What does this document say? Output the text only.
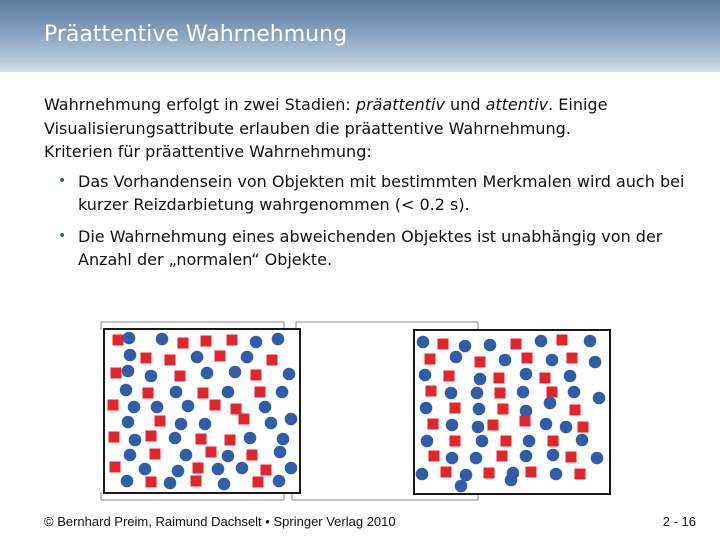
Präattentive Wahrnehmung

Wahrnehmung erfolgt in zwei Stadien: präattentiv und attentiv. Einige Visualisierungsattribute erlauben die präattentive Wahrnehmung.

Kriterien für präattentive Wahrnehmung:

• Das Vorhandensein von Objekten mit bestimmten Merkmalen wird auch bei kurzer Reizdarbietung wahrgenommen (< 0.2 s).
• Die Wahrnehmung eines abweichenden Objektes ist unabhängig von der Anzahl der „normalen“ Objekte.
© Bernhard Preim, Raimund Dachselt • Springer Verlag 2010	2 - 16
